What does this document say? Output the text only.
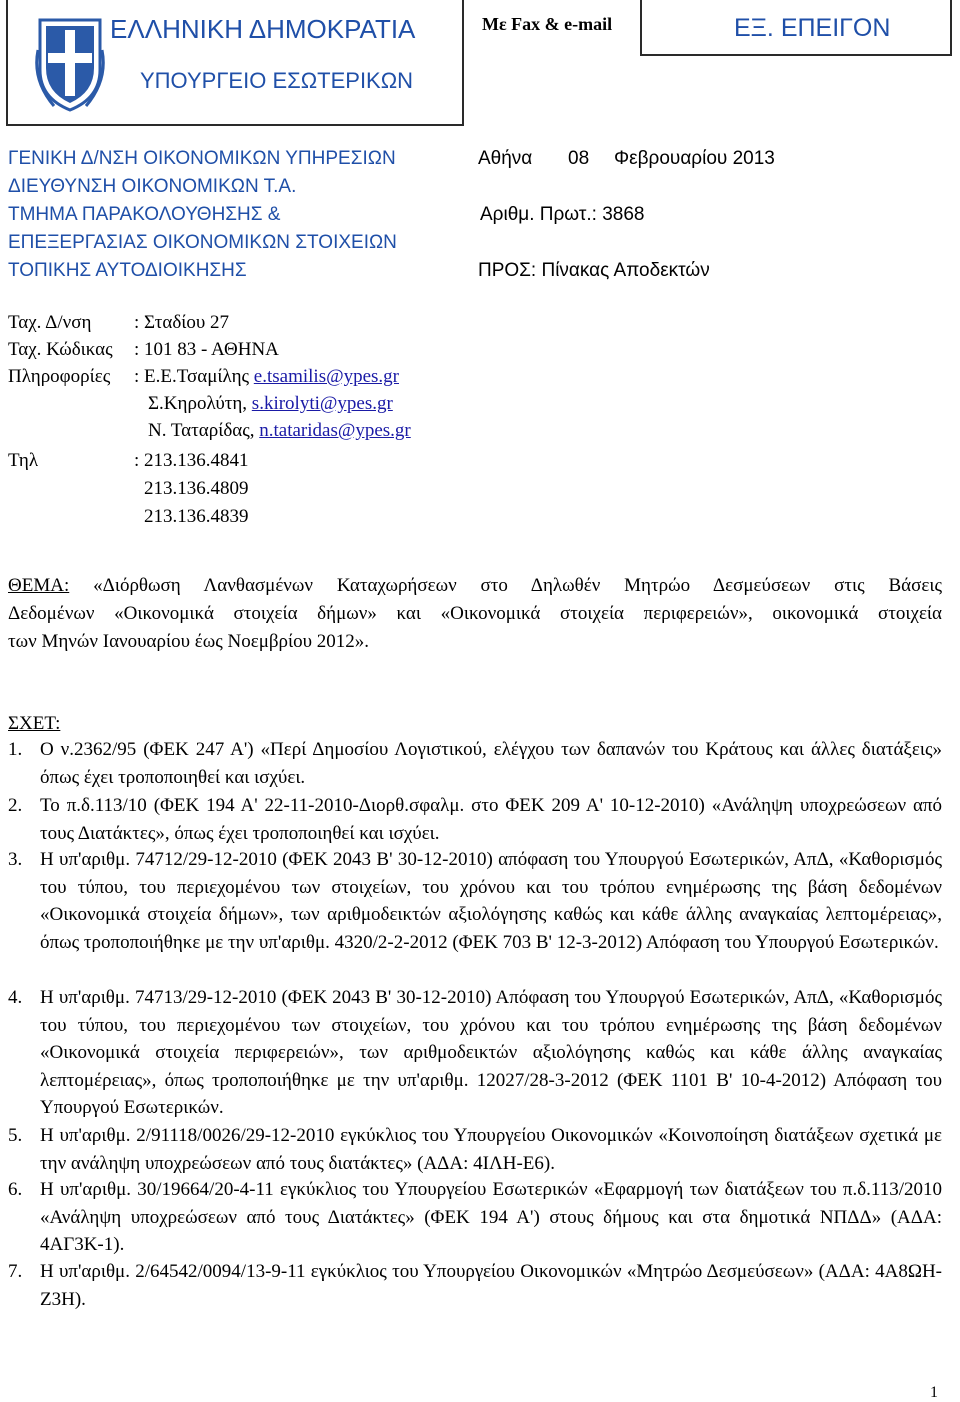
ΕΛΛΗΝΙΚΗ ΔΗΜΟΚΡΑΤΙΑ
ΥΠΟΥΡΓΕΙΟ ΕΣΩΤΕΡΙΚΩΝ
Με Fax & e-mail	ΕΞ. ΕΠΕΙΓΟΝ
ΓΕΝΙΚΗ Δ/ΝΣΗ ΟΙΚΟΝΟΜΙΚΩΝ ΥΠΗΡΕΣΙΩΝ
ΔΙΕΥΘΥΝΣΗ ΟΙΚΟΝΟΜΙΚΩΝ Τ.Α.
ΤΜΗΜΑ ΠΑΡΑΚΟΛΟΥΘΗΣΗΣ &
ΕΠΕΞΕΡΓΑΣΙΑΣ ΟΙΚΟΝΟΜΙΚΩΝ ΣΤΟΙΧΕΙΩΝ
ΤΟΠΙΚΗΣ ΑΥΤΟΔΙΟΙΚΗΣΗΣ
Αθήνα 08 Φεβρουαρίου 2013
Αριθμ. Πρωτ.: 3868
ΠΡΟΣ: Πίνακας Αποδεκτών
Ταχ. Δ/νση : Σταδίου 27
Ταχ. Κώδικας : 101 83 - ΑΘΗΝΑ
Πληροφορίες : Ε.Ε.Τσαμίλης e.tsamilis@ypes.gr
Σ.Κηρολύτη, s.kirolyti@ypes.gr
Ν. Ταταρίδας, n.tataridas@ypes.gr
Τηλ	: 213.136.4841
213.136.4809
213.136.4839
ΘΕΜΑ: «Διόρθωση Λανθασμένων Καταχωρήσεων στο Δηλωθέν Μητρώο Δεσμεύσεων στις Βάσεις
Δεδομένων «Οικονομικά στοιχεία δήμων» και «Οικονομικά στοιχεία περιφερειών», οικονομικά στοιχεία
των Μηνών Ιανουαρίου έως Νοεμβρίου 2012».
ΣΧΕΤ:
1. Ο ν.2362/95 (ΦΕΚ 247 Α') «Περί Δημοσίου Λογιστικού, ελέγχου των δαπανών του Κράτους και άλλες διατάξεις» όπως έχει τροποποιηθεί και ισχύει.
2. Το π.δ.113/10 (ΦΕΚ 194 Α' 22-11-2010-Διορθ.σφαλμ. στο ΦΕΚ 209 Α' 10-12-2010) «Ανάληψη υποχρεώσεων από τους Διατάκτες», όπως έχει τροποποιηθεί και ισχύει.
3. Η υπ'αριθμ. 74712/29-12-2010 (ΦΕΚ 2043 Β' 30-12-2010) απόφαση του Υπουργού Εσωτερικών, ΑπΔ, «Καθορισμός του τύπου, του περιεχομένου των στοιχείων, του χρόνου και του τρόπου ενημέρωσης της βάση δεδομένων «Οικονομικά στοιχεία δήμων», των αριθμοδεικτών αξιολόγησης καθώς και κάθε άλλης αναγκαίας λεπτομέρειας», όπως τροποποιήθηκε με την υπ'αριθμ. 4320/2-2-2012 (ΦΕΚ 703 Β' 12-3-2012) Απόφαση του Υπουργού Εσωτερικών.
4. Η υπ'αριθμ. 74713/29-12-2010 (ΦΕΚ 2043 Β' 30-12-2010) Απόφαση του Υπουργού Εσωτερικών, ΑπΔ, «Καθορισμός του τύπου, του περιεχομένου των στοιχείων, του χρόνου και του τρόπου ενημέρωσης της βάση δεδομένων «Οικονομικά στοιχεία περιφερειών», των αριθμοδεικτών αξιολόγησης καθώς και κάθε άλλης αναγκαίας λεπτομέρειας», όπως τροποποιήθηκε με την υπ'αριθμ. 12027/28-3-2012 (ΦΕΚ 1101 Β' 10-4-2012) Απόφαση του Υπουργού Εσωτερικών.
5. Η υπ'αριθμ. 2/91118/0026/29-12-2010 εγκύκλιος του Υπουργείου Οικονομικών «Κοινοποίηση διατάξεων σχετικά με την ανάληψη υποχρεώσεων από τους διατάκτες» (ΑΔΑ: 4ΙΛΗ-Ε6).
6. Η υπ'αριθμ. 30/19664/20-4-11 εγκύκλιος του Υπουργείου Εσωτερικών «Εφαρμογή των διατάξεων του π.δ.113/2010 «Ανάληψη υποχρεώσεων από τους Διατάκτες» (ΦΕΚ 194 Α') στους δήμους και στα δημοτικά ΝΠΔΔ» (ΑΔΑ: 4ΑΓ3Κ-1).
7. Η υπ'αριθμ. 2/64542/0094/13-9-11 εγκύκλιος του Υπουργείου Οικονομικών «Μητρώο Δεσμεύσεων» (ΑΔΑ: 4Α8ΩΗ-Ζ3Η).
1
